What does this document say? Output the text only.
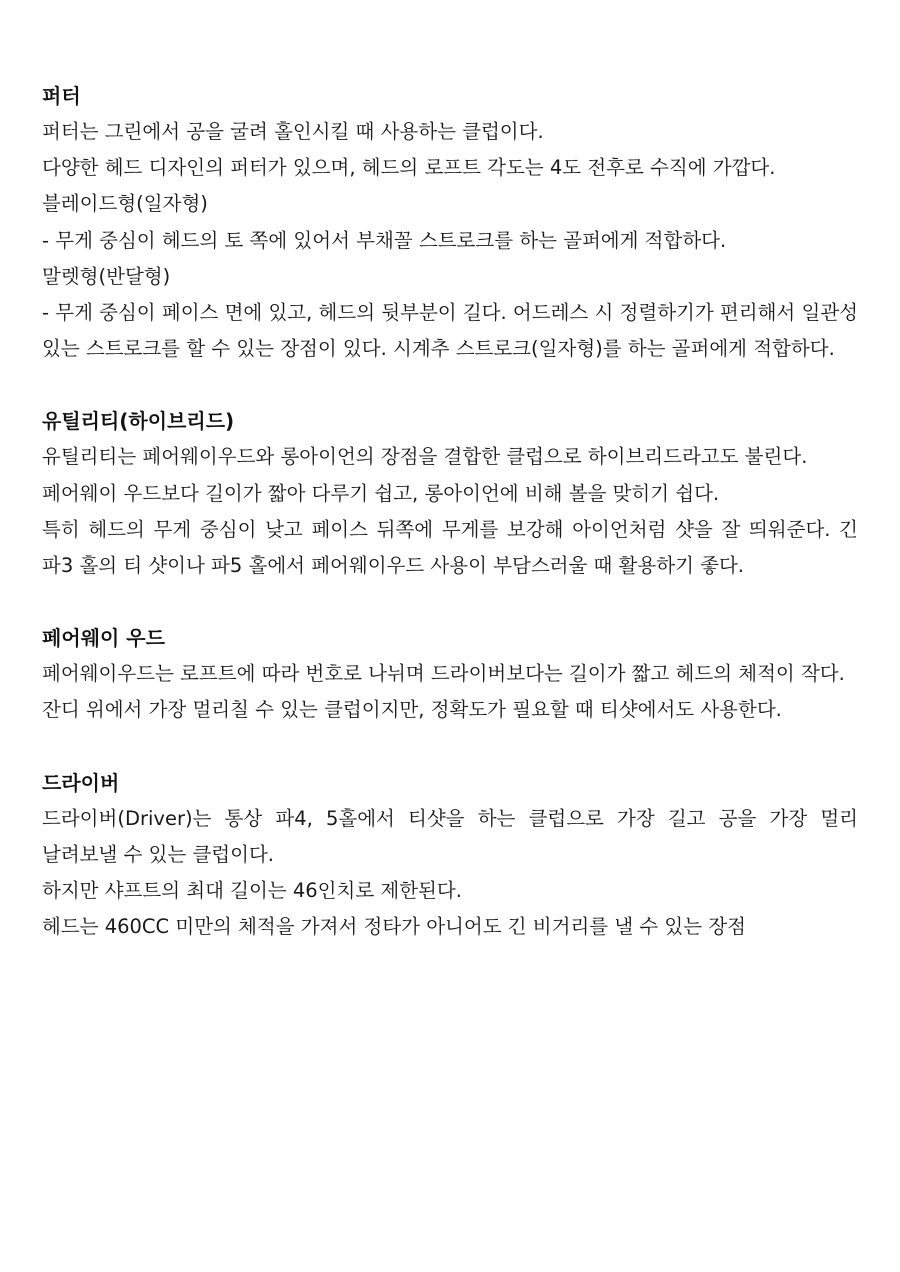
퍼터

퍼터는 그린에서 공을 굴려 홀인시킬 때 사용하는 클럽이다.

다양한 헤드 디자인의 퍼터가 있으며, 헤드의 로프트 각도는 4도 전후로 수직에 가깝다.

블레이드형(일자형)

- 무게 중심이 헤드의 토 쪽에 있어서 부채꼴 스트로크를 하는 골퍼에게 적합하다.

말렛형(반달형)

- 무게 중심이 페이스 면에 있고, 헤드의 뒷부분이 길다. 어드레스 시 정렬하기가 편리해서 일관성 있는 스트로크를 할 수 있는 장점이 있다. 시계추 스트로크(일자형)를 하는 골퍼에게 적합하다.

유틸리티(하이브리드)

유틸리티는 페어웨이우드와 롱아이언의 장점을 결합한 클럽으로 하이브리드라고도 불린다.

페어웨이 우드보다 길이가 짧아 다루기 쉽고, 롱아이언에 비해 볼을 맞히기 쉽다.

특히 헤드의 무게 중심이 낮고 페이스 뒤쪽에 무게를 보강해 아이언처럼 샷을 잘 띄워준다. 긴 파3 홀의 티 샷이나 파5 홀에서 페어웨이우드 사용이 부담스러울 때 활용하기 좋다.

페어웨이 우드

페어웨이우드는 로프트에 따라 번호로 나뉘며 드라이버보다는 길이가 짧고 헤드의 체적이 작다.

잔디 위에서 가장 멀리칠 수 있는 클럽이지만, 정확도가 필요할 때 티샷에서도 사용한다.

드라이버

드라이버(Driver)는 통상 파4, 5홀에서 티샷을 하는 클럽으로 가장 길고 공을 가장 멀리 날려보낼 수 있는 클럽이다.

하지만 샤프트의 최대 길이는 46인치로 제한된다.

헤드는 460CC 미만의 체적을 가져서 정타가 아니어도 긴 비거리를 낼 수 있는 장점
